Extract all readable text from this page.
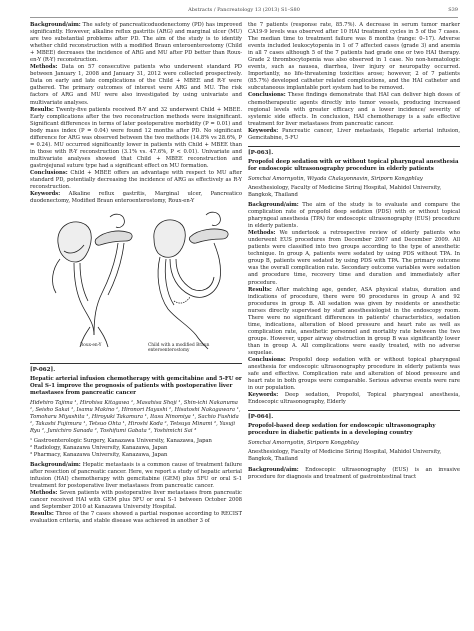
Abstracts / Pancreatology 13 (2013) S1–S80	S39

Background/aim: The safety of pancreaticoduodenectomy (PD) has improved significantly. However, alkaline reflux gastritis (ARG) and marginal ulcer (MU) are two substantial problems after PD. The aim of the study is to identify whether child reconstruction with a modified Braun enteroenterostomy (Child + MBEE) decreases the incidence of ARG and MU after PD better than Roux-en-Y (R-Y) reconstruction.

Methods: Data on 57 consecutive patients who underwent standard PD between January 1, 2008 and January 31, 2012 were collected prospectively. Data on early and late complications of the Child + MBEE and R-Y were gathered. The primary outcomes of interest were ARG and MU. The risk factors of ARG and MU were also investigated by using univariate and multivariate analyses.

Results: Twenty-five patients received R-Y and 32 underwent Child + MBEE. Early complications after the two reconstruction methods were insignificant. Significant differences in terms of later postoperative morbidity (P = 0.01) and body mass index (P = 0.04) were found 12 months after PD. No significant difference for ARG was observed between the two methods (14.8% vs 28.6%, P = 0.24). MU occurred significantly lower in patients with Child + MBEE than in those with R-Y reconstruction (3.1% vs. 47.6%, P < 0.01). Univariate and multivariate analyses showed that Child + MBEE reconstruction and gastrojejunal suture type had a significant effect on MU formation.

Conclusions: Child + MBEE offers an advantage with respect to MU after standard PD, potentially decreasing the incidence of ARG as effectively as R-Y reconstruction.

Keywords: Alkaline reflux gastritis, Marginal ulcer, Pancreatico duodenectomy, Modified Braun enteroenterostomy, Roux-en-Y

Roux-en-Y	Child with a modified Braun enteroenterostomy
[P-062].
Hepatic arterial infusion chemotherapy with gemcitabine and 5-FU or Oral S-1 improve the prognosis of patients with postoperative liver metastases from pancreatic cancer
Hidehiro Tajima ¹, Hirohisa Kitagawa ¹, Masahisa Shoji ¹, Shin-ichi Nakanuma ¹, Seisho Sakai ¹, Isamu Makino ¹, Hironori Hayashi ¹, Hisatoshi Nakagawara ¹, Tomoharu Miyashita ¹, Hiroyuki Takamura ¹, Itasu Ninomiya ¹, Sachio Fushida ¹, Takashi Fujimura ¹, Tetsuo Ohta ¹, Hiroshi Koda ², Tetsuya Minami ², Yasuji Ryu ², Junichiro Sanada ², Toshifumi Gabata ², Yoshimichi Sai ³
¹ Gastroenterologic Surgery, Kanazawa University, Kanazawa, Japan
² Radiology, Kanazawa University, Kanazawa, Japan
³ Pharmacy, Kanazawa University, Kanazawa, Japan

Background/aim: Hepatic metastasis is a common cause of treatment failure after resection of pancreatic cancer. Here, we report a study of hepatic arterial infusion (HAI) chemotherapy with gemcitabine (GEM) plus 5FU or oral S-1 treatment for postoperative liver metastases from pancreatic cancer.

Methods: Seven patients with postoperative liver metastases from pancreatic cancer received HAI with GEM plus 5FU or oral S-1 between October 2008 and September 2010 at Kanazawa University Hospital.

Results: Three of the 7 cases showed a partial response according to RECIST evaluation criteria, and stable disease was achieved in another 3 of

the 7 patients (response rate, 85.7%). A decrease in serum tumor marker CA19-9 levels was observed after 10 HAI treatment cycles in 5 of the 7 cases. The median time to treatment failure was 8 months (range: 0–17). Adverse events included leukocytopenia in 1 of 7 affected cases (grade 3) and anemia in all 7 cases although 5 of the 7 patients had grade one or two HAI therapy. Grade 2 thrombocytopenia was also observed in 1 case. No non-hematologic events, such as nausea, diarrhea, liver injury or neuropathy occurred. Importantly, no life-threatening toxicities arose; however, 2 of 7 patients (85.7%) developed catheter related complications, and the HAI catheter and subcutaneous implantable port system had to be removed.

Conclusions: These findings demonstrate that HAI can deliver high doses of chemotherapeutic agents directly into tumor vessels, producing increased regional levels with greater efficacy and a lower incidence/ severity of systemic side effects. In conclusion, HAI chemotherapy is a safe effective treatment for liver metastases from pancreatic cancer.

Keywords: Pancreatic cancer, Liver metastasis, Hepatic arterial infusion, Gemcitabine, 5-FU

[P-063].
Propofol deep sedation with or without topical pharyngeal anesthesia for endoscopic ultrasonography procedure in elderly patients
Somchai Amornyotin, Wiyada Chalayonnavin, Siriporn Kongphlay
Anesthesiology, Faculty of Medicine Siriraj Hospital, Mahidol University, Bangkok, Thailand

Background/aim: The aim of the study is to evaluate and compare the complication rate of propofol deep sedation (PDS) with or without topical pharyngeal anesthesia (TPA) for endoscopic ultrasonography (EUS) procedure in elderly patients.

Methods: We undertook a retrospective review of elderly patients who underwent EUS procedures from December 2007 and December 2009. All patients were classified into two groups according to the type of anesthetic technique. In group A, patients were sedated by using PDS without TPA. In group B, patients were sedated by using PDS with TPA. The primary outcome was the overall complication rate. Secondary outcome variables were sedation and procedure time, recovery time and duration and immediately after procedure.

Results: After matching age, gender, ASA physical status, duration and indications of procedure, there were 90 procedures in group A and 92 procedures in group B. All sedation was given by residents or anesthetic nurses directly supervised by staff anesthesiologist in the endoscopy room. There were no significant differences in patients' characteristics, sedation time, indications, alteration of blood pressure and heart rate as well as complication rate, anesthetic personnel and mortality rate between the two groups. However, upper airway obstruction in group B was significantly lower than in group A. All complications were easily treated, with no adverse sequelae.

Conclusions: Propofol deep sedation with or without topical pharyngeal anesthesia for endoscopic ultrasonography procedure in elderly patients was safe and effective. Complication rate and alteration of blood pressure and heart rate in both groups were comparable. Serious adverse events were rare in our population.

Keywords: Deep sedation, Propofol, Topical pharyngeal anesthesia, Endoscopic ultrasonography, Elderly

[P-064].
Propofol-based deep sedation for endoscopic ultrasonography procedure in diabetic patients in a developing country
Somchai Amornyotin, Siriporn Kongphlay
Anesthesiology, Faculty of Medicine Siriraj Hospital, Mahidol University, Bangkok, Thailand

Background/aim: Endoscopic ultrasonography (EUS) is an invasive procedure for diagnosis and treatment of gastrointestinal tract
